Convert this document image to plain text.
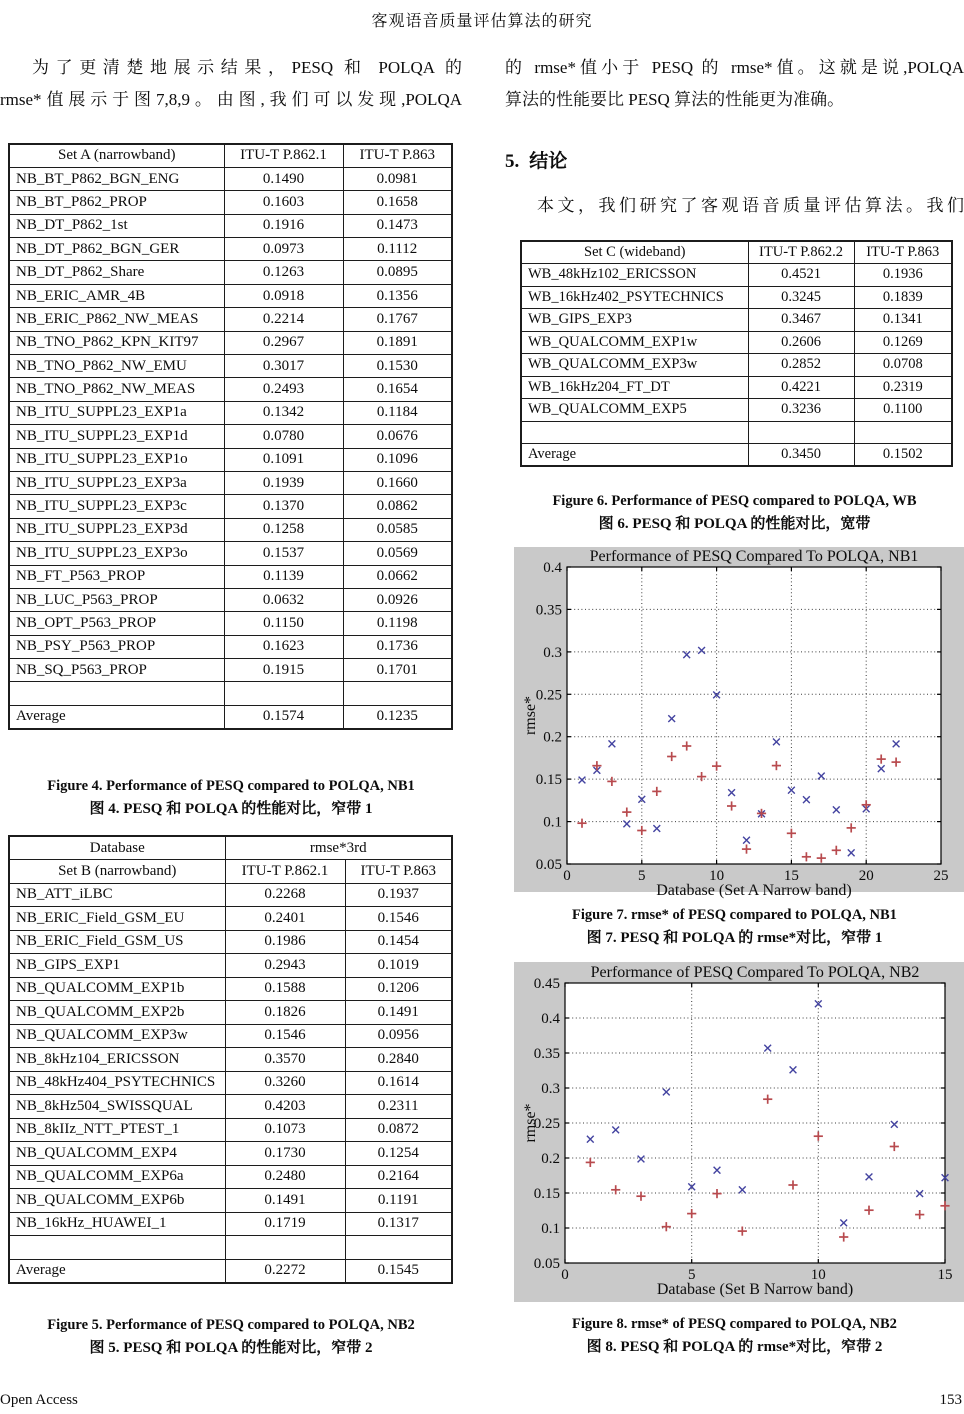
客观语音质量评估算法的研究
为了更清楚地展示结果，PESQ 和 POLQA 的
rmse*值展示于图7,8,9。由图,我们可以发现,POLQA
Set A (narrowband)	ITU-T P.862.1	ITU-T P.863
NB_BT_P862_BGN_ENG	0.1490	0.0981
NB_BT_P862_PROP	0.1603	0.1658
NB_DT_P862_1st	0.1916	0.1473
NB_DT_P862_BGN_GER	0.0973	0.1112
NB_DT_P862_Share	0.1263	0.0895
NB_ERIC_AMR_4B	0.0918	0.1356
NB_ERIC_P862_NW_MEAS	0.2214	0.1767
NB_TNO_P862_KPN_KIT97	0.2967	0.1891
NB_TNO_P862_NW_EMU	0.3017	0.1530
NB_TNO_P862_NW_MEAS	0.2493	0.1654
NB_ITU_SUPPL23_EXP1a	0.1342	0.1184
NB_ITU_SUPPL23_EXP1d	0.0780	0.0676
NB_ITU_SUPPL23_EXP1o	0.1091	0.1096
NB_ITU_SUPPL23_EXP3a	0.1939	0.1660
NB_ITU_SUPPL23_EXP3c	0.1370	0.0862
NB_ITU_SUPPL23_EXP3d	0.1258	0.0585
NB_ITU_SUPPL23_EXP3o	0.1537	0.0569
NB_FT_P563_PROP	0.1139	0.0662
NB_LUC_P563_PROP	0.0632	0.0926
NB_OPT_P563_PROP	0.1150	0.1198
NB_PSY_P563_PROP	0.1623	0.1736
NB_SQ_P563_PROP	0.1915	0.1701

Average	0.1574	0.1235
Figure 4. Performance of PESQ compared to POLQA, NB1
图 4. PESQ 和 POLQA 的性能对比，窄带 1
Database	rmse*3rd	
Set B (narrowband)	ITU-T P.862.1	ITU-T P.863
NB_ATT_iLBC	0.2268	0.1937
NB_ERIC_Field_GSM_EU	0.2401	0.1546
NB_ERIC_Field_GSM_US	0.1986	0.1454
NB_GIPS_EXP1	0.2943	0.1019
NB_QUALCOMM_EXP1b	0.1588	0.1206
NB_QUALCOMM_EXP2b	0.1826	0.1491
NB_QUALCOMM_EXP3w	0.1546	0.0956
NB_8kHz104_ERICSSON	0.3570	0.2840
NB_48kHz404_PSYTECHNICS	0.3260	0.1614
NB_8kHz504_SWISSQUAL	0.4203	0.2311
NB_8kIIz_NTT_PTEST_1	0.1073	0.0872
NB_QUALCOMM_EXP4	0.1730	0.1254
NB_QUALCOMM_EXP6a	0.2480	0.2164
NB_QUALCOMM_EXP6b	0.1491	0.1191
NB_16kHz_HUAWEI_1	0.1719	0.1317

Average	0.2272	0.1545
Figure 5. Performance of PESQ compared to POLQA, NB2
图 5. PESQ 和 POLQA 的性能对比，窄带 2
的 rmse*值小于 PESQ 的 rmse*值。这就是说,POLQA
算法的性能要比 PESQ 算法的性能更为准确。
5. 结论
本文，我们研究了客观语音质量评估算法。我们
Set C (wideband)	ITU-T P.862.2	ITU-T P.863
WB_48kHz102_ERICSSON	0.4521	0.1936
WB_16kHz402_PSYTECHNICS	0.3245	0.1839
WB_GIPS_EXP3	0.3467	0.1341
WB_QUALCOMM_EXP1w	0.2606	0.1269
WB_QUALCOMM_EXP3w	0.2852	0.0708
WB_16kHz204_FT_DT	0.4221	0.2319
WB_QUALCOMM_EXP5	0.3236	0.1100

Average	0.3450	0.1502
Figure 6. Performance of PESQ compared to POLQA, WB
图 6. PESQ 和 POLQA 的性能对比，宽带
0.05
0.1
0.15
0.2
0.25
0.3
0.35
0.4
0	5	10	15	20	25
Performance of PESQ Compared To POLQA, NB1
Database (Set A Narrow band)
rmse*
Figure 7. rmse* of PESQ compared to POLQA, NB1
图 7. PESQ 和 POLQA 的 rmse*对比，窄带 1
0.05
0.1
0.15
0.2
0.25
0.3
0.35
0.4
0.45
0	5	10	15
Performance of PESQ Compared To POLQA, NB2
Database (Set B Narrow band)
rmse*
Figure 8. rmse* of PESQ compared to POLQA, NB2
图 8. PESQ 和 POLQA 的 rmse*对比，窄带 2
Open Access	153
